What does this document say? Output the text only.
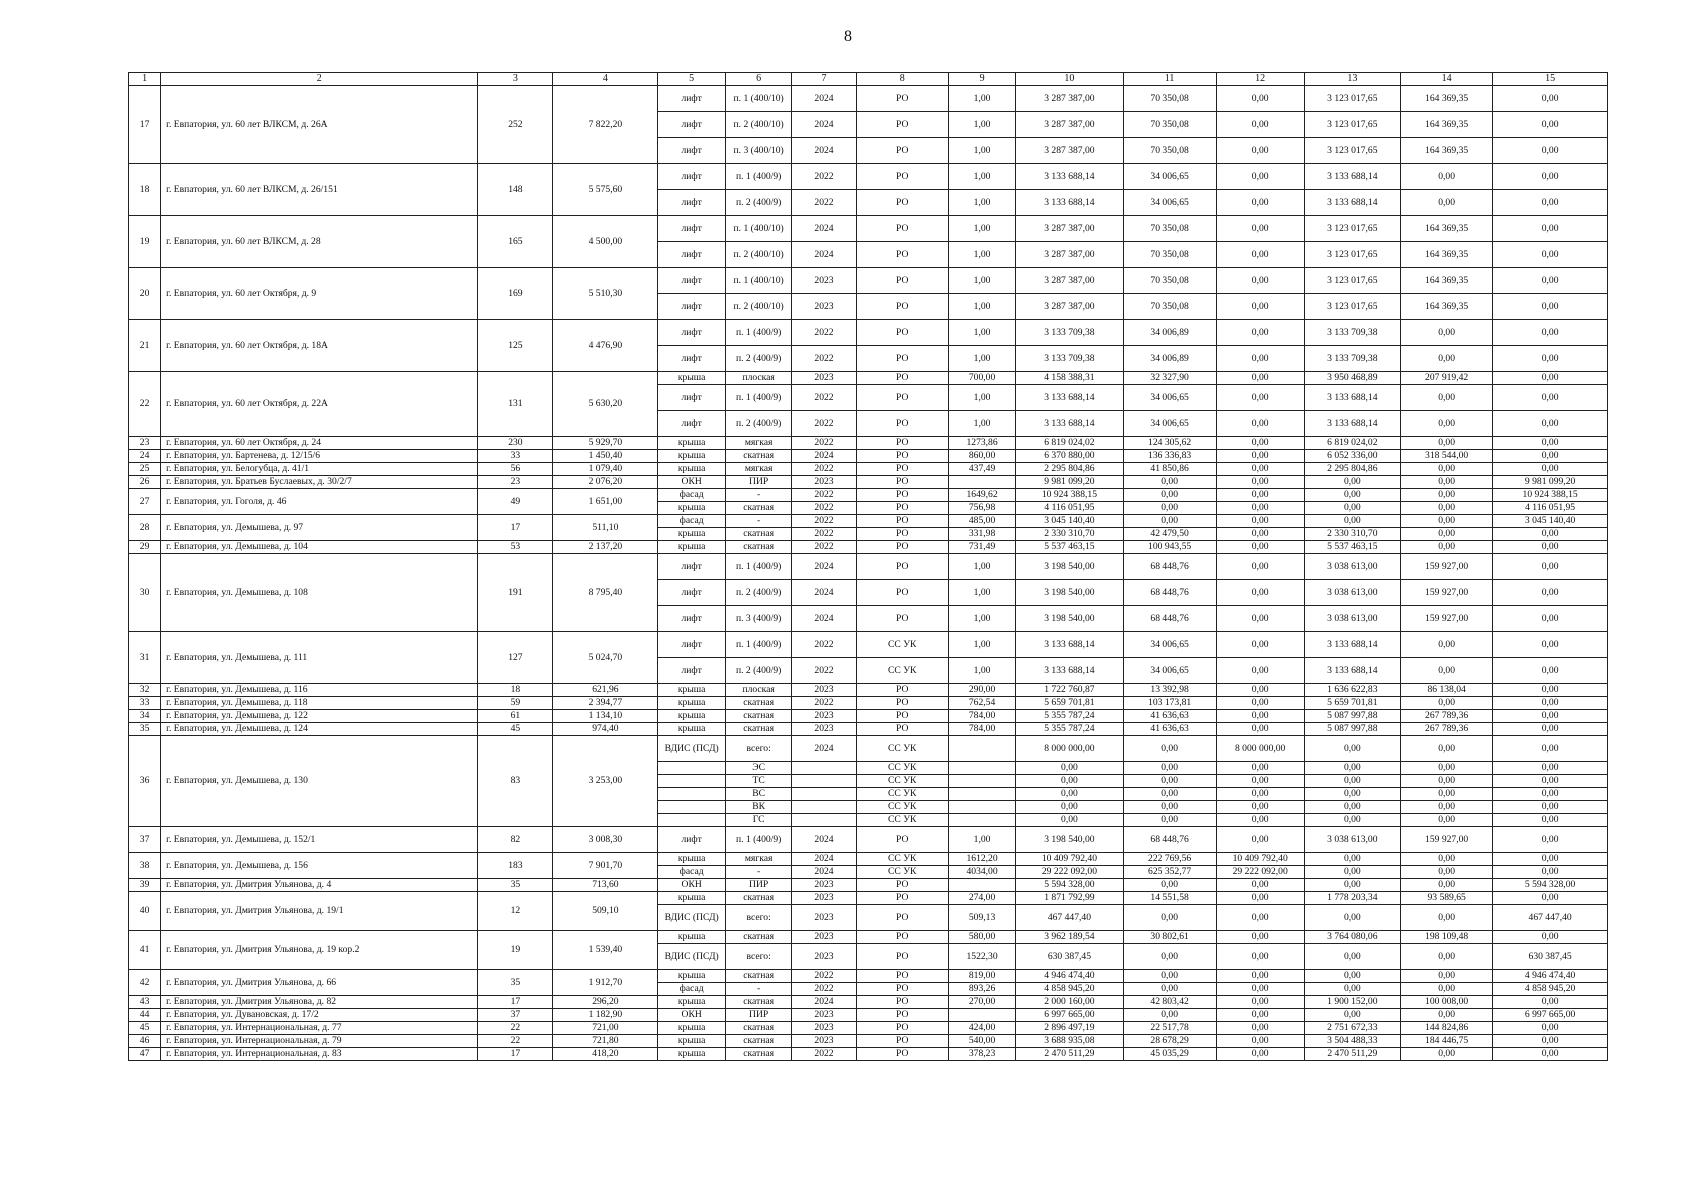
8
1	2	3	4	5	6	7	8	9	10	11	12	13	14	15
17	г. Евпатория, ул. 60 лет ВЛКСМ, д. 26А	252	7 822,20	лифт	п. 1 (400/10)	2024	РО	1,00	3 287 387,00	70 350,08	0,00	3 123 017,65	164 369,35	0,00
				лифт	п. 2 (400/10)	2024	РО	1,00	3 287 387,00	70 350,08	0,00	3 123 017,65	164 369,35	0,00
				лифт	п. 3 (400/10)	2024	РО	1,00	3 287 387,00	70 350,08	0,00	3 123 017,65	164 369,35	0,00
18	г. Евпатория, ул. 60 лет ВЛКСМ, д. 26/151	148	5 575,60	лифт	п. 1 (400/9)	2022	РО	1,00	3 133 688,14	34 006,65	0,00	3 133 688,14	0,00	0,00
				лифт	п. 2 (400/9)	2022	РО	1,00	3 133 688,14	34 006,65	0,00	3 133 688,14	0,00	0,00
19	г. Евпатория, ул. 60 лет ВЛКСМ, д. 28	165	4 500,00	лифт	п. 1 (400/10)	2024	РО	1,00	3 287 387,00	70 350,08	0,00	3 123 017,65	164 369,35	0,00
				лифт	п. 2 (400/10)	2024	РО	1,00	3 287 387,00	70 350,08	0,00	3 123 017,65	164 369,35	0,00
20	г. Евпатория, ул. 60 лет Октября, д. 9	169	5 510,30	лифт	п. 1 (400/10)	2023	РО	1,00	3 287 387,00	70 350,08	0,00	3 123 017,65	164 369,35	0,00
				лифт	п. 2 (400/10)	2023	РО	1,00	3 287 387,00	70 350,08	0,00	3 123 017,65	164 369,35	0,00
21	г. Евпатория, ул. 60 лет Октября, д. 18А	125	4 476,90	лифт	п. 1 (400/9)	2022	РО	1,00	3 133 709,38	34 006,89	0,00	3 133 709,38	0,00	0,00
				лифт	п. 2 (400/9)	2022	РО	1,00	3 133 709,38	34 006,89	0,00	3 133 709,38	0,00	0,00
22	г. Евпатория, ул. 60 лет Октября, д. 22А	131	5 630,20	крыша	плоская	2023	РО	700,00	4 158 388,31	32 327,90	0,00	3 950 468,89	207 919,42	0,00
				лифт	п. 1 (400/9)	2022	РО	1,00	3 133 688,14	34 006,65	0,00	3 133 688,14	0,00	0,00
				лифт	п. 2 (400/9)	2022	РО	1,00	3 133 688,14	34 006,65	0,00	3 133 688,14	0,00	0,00
23	г. Евпатория, ул. 60 лет Октября, д. 24	230	5 929,70	крыша	мягкая	2022	РО	1273,86	6 819 024,02	124 305,62	0,00	6 819 024,02	0,00	0,00
24	г. Евпатория, ул. Бартенева, д. 12/15/6	33	1 450,40	крыша	скатная	2024	РО	860,00	6 370 880,00	136 336,83	0,00	6 052 336,00	318 544,00	0,00
25	г. Евпатория, ул. Белогубца, д. 41/1	56	1 079,40	крыша	мягкая	2022	РО	437,49	2 295 804,86	41 850,86	0,00	2 295 804,86	0,00	0,00
26	г. Евпатория, ул. Братьев Буслаевых, д. 30/2/7	23	2 076,20	ОКН	ПИР	2023	РО		9 981 099,20	0,00	0,00	0,00	0,00	9 981 099,20
27	г. Евпатория, ул. Гоголя, д. 46	49	1 651,00	фасад	-	2022	РО	1649,62	10 924 388,15	0,00	0,00	0,00	0,00	10 924 388,15
				крыша	скатная	2022	РО	756,98	4 116 051,95	0,00	0,00	0,00	0,00	4 116 051,95
28	г. Евпатория, ул. Демышева, д. 97	17	511,10	фасад	-	2022	РО	485,00	3 045 140,40	0,00	0,00	0,00	0,00	3 045 140,40
				крыша	скатная	2022	РО	331,98	2 330 310,70	42 479,50	0,00	2 330 310,70	0,00	0,00
29	г. Евпатория, ул. Демышева, д. 104	53	2 137,20	крыша	скатная	2022	РО	731,49	5 537 463,15	100 943,55	0,00	5 537 463,15	0,00	0,00
30	г. Евпатория, ул. Демышева, д. 108	191	8 795,40	лифт	п. 1 (400/9)	2024	РО	1,00	3 198 540,00	68 448,76	0,00	3 038 613,00	159 927,00	0,00
				лифт	п. 2 (400/9)	2024	РО	1,00	3 198 540,00	68 448,76	0,00	3 038 613,00	159 927,00	0,00
				лифт	п. 3 (400/9)	2024	РО	1,00	3 198 540,00	68 448,76	0,00	3 038 613,00	159 927,00	0,00
31	г. Евпатория, ул. Демышева, д. 111	127	5 024,70	лифт	п. 1 (400/9)	2022	СС УК	1,00	3 133 688,14	34 006,65	0,00	3 133 688,14	0,00	0,00
				лифт	п. 2 (400/9)	2022	СС УК	1,00	3 133 688,14	34 006,65	0,00	3 133 688,14	0,00	0,00
32	г. Евпатория, ул. Демышева, д. 116	18	621,96	крыша	плоская	2023	РО	290,00	1 722 760,87	13 392,98	0,00	1 636 622,83	86 138,04	0,00
33	г. Евпатория, ул. Демышева, д. 118	59	2 394,77	крыша	скатная	2022	РО	762,54	5 659 701,81	103 173,81	0,00	5 659 701,81	0,00	0,00
34	г. Евпатория, ул. Демышева, д. 122	61	1 134,10	крыша	скатная	2023	РО	784,00	5 355 787,24	41 636,63	0,00	5 087 997,88	267 789,36	0,00
35	г. Евпатория, ул. Демышева, д. 124	45	974,40	крыша	скатная	2023	РО	784,00	5 355 787,24	41 636,63	0,00	5 087 997,88	267 789,36	0,00
36	г. Евпатория, ул. Демышева, д. 130	83	3 253,00	ВДИС (ПСД)	всего:	2024	СС УК		8 000 000,00	0,00	8 000 000,00	0,00	0,00	0,00
					ЭС		СС УК		0,00	0,00	0,00	0,00	0,00	0,00
					ТС		СС УК		0,00	0,00	0,00	0,00	0,00	0,00
					ВС		СС УК		0,00	0,00	0,00	0,00	0,00	0,00
					ВК		СС УК		0,00	0,00	0,00	0,00	0,00	0,00
					ГС		СС УК		0,00	0,00	0,00	0,00	0,00	0,00
37	г. Евпатория, ул. Демышева, д. 152/1	82	3 008,30	лифт	п. 1 (400/9)	2024	РО	1,00	3 198 540,00	68 448,76	0,00	3 038 613,00	159 927,00	0,00
38	г. Евпатория, ул. Демышева, д. 156	183	7 901,70	крыша	мягкая	2024	СС УК	1612,20	10 409 792,40	222 769,56	10 409 792,40	0,00	0,00	0,00
				фасад	-	2024	СС УК	4034,00	29 222 092,00	625 352,77	29 222 092,00	0,00	0,00	0,00
39	г. Евпатория, ул. Дмитрия Ульянова, д. 4	35	713,60	ОКН	ПИР	2023	РО		5 594 328,00	0,00	0,00	0,00	0,00	5 594 328,00
40	г. Евпатория, ул. Дмитрия Ульянова, д. 19/1	12	509,10	крыша	скатная	2023	РО	274,00	1 871 792,99	14 551,58	0,00	1 778 203,34	93 589,65	0,00
				ВДИС (ПСД)	всего:	2023	РО	509,13	467 447,40	0,00	0,00	0,00	0,00	467 447,40
41	г. Евпатория, ул. Дмитрия Ульянова, д. 19 кор.2	19	1 539,40	крыша	скатная	2023	РО	580,00	3 962 189,54	30 802,61	0,00	3 764 080,06	198 109,48	0,00
				ВДИС (ПСД)	всего:	2023	РО	1522,30	630 387,45	0,00	0,00	0,00	0,00	630 387,45
42	г. Евпатория, ул. Дмитрия Ульянова, д. 66	35	1 912,70	крыша	скатная	2022	РО	819,00	4 946 474,40	0,00	0,00	0,00	0,00	4 946 474,40
				фасад	-	2022	РО	893,26	4 858 945,20	0,00	0,00	0,00	0,00	4 858 945,20
43	г. Евпатория, ул. Дмитрия Ульянова, д. 82	17	296,20	крыша	скатная	2024	РО	270,00	2 000 160,00	42 803,42	0,00	1 900 152,00	100 008,00	0,00
44	г. Евпатория, ул. Дувановская, д. 17/2	37	1 182,90	ОКН	ПИР	2023	РО		6 997 665,00	0,00	0,00	0,00	0,00	6 997 665,00
45	г. Евпатория, ул. Интернациональная, д. 77	22	721,00	крыша	скатная	2023	РО	424,00	2 896 497,19	22 517,78	0,00	2 751 672,33	144 824,86	0,00
46	г. Евпатория, ул. Интернациональная, д. 79	22	721,80	крыша	скатная	2023	РО	540,00	3 688 935,08	28 678,29	0,00	3 504 488,33	184 446,75	0,00
47	г. Евпатория, ул. Интернациональная, д. 83	17	418,20	крыша	скатная	2022	РО	378,23	2 470 511,29	45 035,29	0,00	2 470 511,29	0,00	0,00
